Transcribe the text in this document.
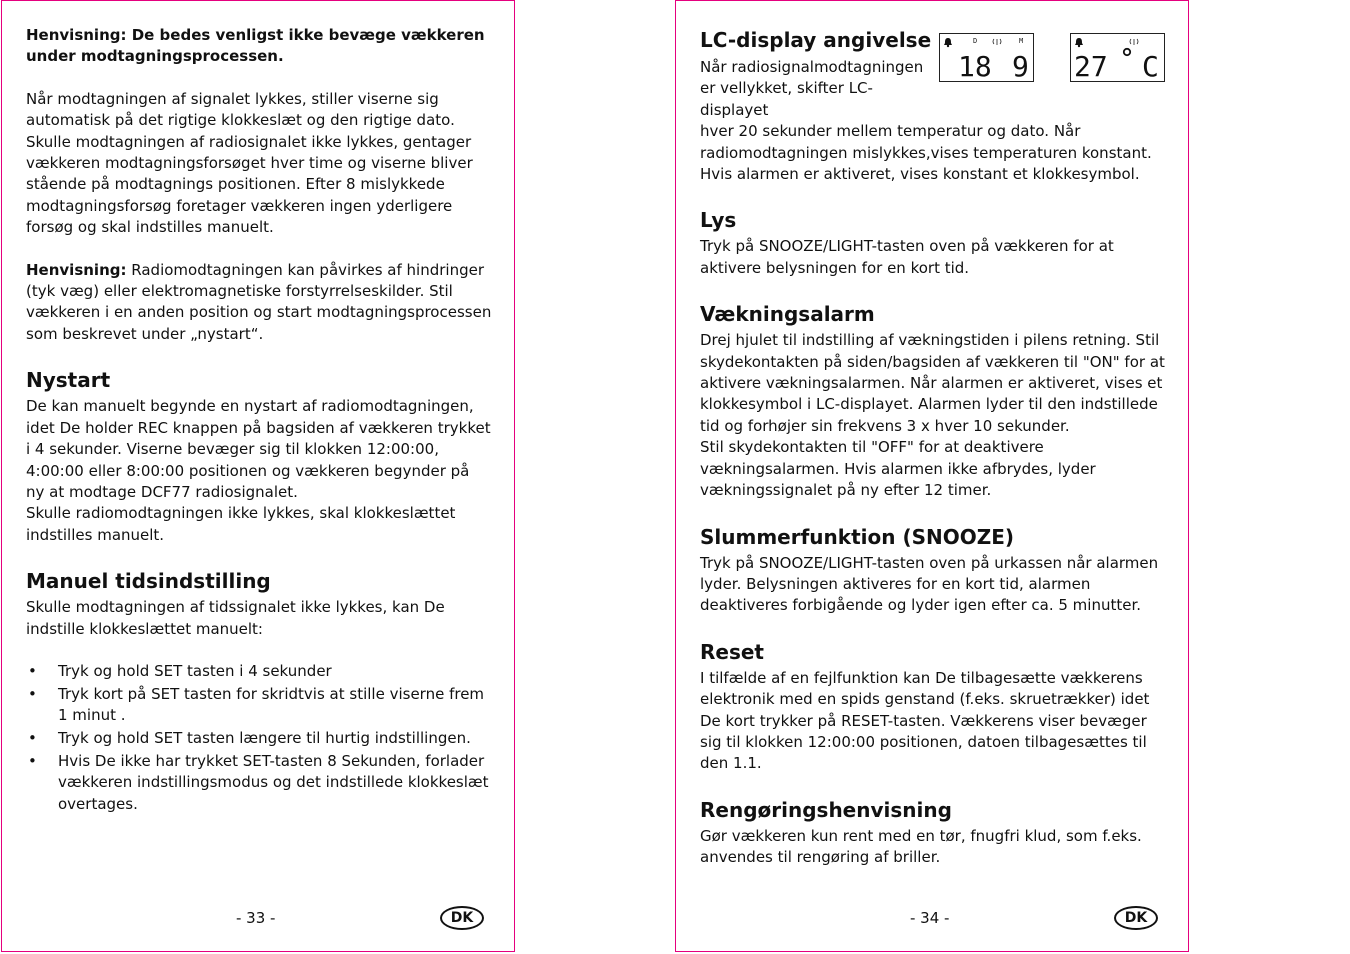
Henvisning: De bedes venligst ikke bevæge vækkeren under modtagningsprocessen.

Når modtagningen af signalet lykkes, stiller viserne sig automatisk på det rigtige klokkeslæt og den rigtige dato. Skulle modtagningen af radiosignalet ikke lykkes, gentager vækkeren modtagningsforsøget hver time og viserne bliver stående på modtagnings positionen. Efter 8 mislykkede modtagningsforsøg foretager vækkeren ingen yderligere forsøg og skal indstilles manuelt.

Henvisning: Radiomodtagningen kan påvirkes af hindringer (tyk væg) eller elektromagnetiske forstyrrelseskilder. Stil vækkeren i en anden position og start modtagningsprocessen som beskrevet under „nystart“.

Nystart

De kan manuelt begynde en nystart af radiomodtagningen, idet De holder REC knappen på bagsiden af vækkeren trykket i 4 sekunder. Viserne bevæger sig til klokken 12:00:00, 4:00:00 eller 8:00:00 positionen og vækkeren begynder på ny at modtage DCF77 radiosignalet.

Skulle radiomodtagningen ikke lykkes, skal klokkeslættet indstilles manuelt.

Manuel tidsindstilling

Skulle modtagningen af tidssignalet ikke lykkes, kan De indstille klokkeslættet manuelt:

• Tryk og hold SET tasten i 4 sekunder
• Tryk kort på SET tasten for skridtvis at stille viserne frem 1 minut .
• Tryk og hold SET tasten længere til hurtig indstillingen.
• Hvis De ikke har trykket SET-tasten 8 Sekunden, forlader vækkeren indstillingsmodus og det indstillede klokkeslæt overtages.
- 33 -	DK
LC-display angivelse

Når radiosignalmodtagningen er vellykket, skifter LC-displayet

hver 20 sekunder mellem temperatur og dato. Når radiomodtagningen mislykkes,vises temperaturen konstant. Hvis alarmen er aktiveret, vises konstant et klokkesymbol.

Lys

Tryk på SNOOZE/LIGHT-tasten oven på vækkeren for at aktivere belysningen for en kort tid.

Vækningsalarm

Drej hjulet til indstilling af vækningstiden i pilens retning. Stil skydekontakten på siden/bagsiden af vækkeren til "ON" for at aktivere vækningsalarmen. Når alarmen er aktiveret, vises et klokkesymbol i LC-displayet. Alarmen lyder til den indstillede tid og forhøjer sin frekvens 3 x hver 10 sekunder.

Stil skydekontakten til "OFF" for at deaktivere vækningsalarmen. Hvis alarmen ikke afbrydes, lyder vækningssignalet på ny efter 12 timer.

Slummerfunktion (SNOOZE)

Tryk på SNOOZE/LIGHT-tasten oven på urkassen når alarmen lyder. Belysningen aktiveres for en kort tid, alarmen deaktiveres forbigående og lyder igen efter ca. 5 minutter.

Reset

I tilfælde af en fejlfunktion kan De tilbagesætte vækkerens elektronik med en spids genstand (f.eks. skruetrækker) idet De kort trykker på RESET-tasten. Vækkerens viser bevæger sig til klokken 12:00:00 positionen, datoen tilbagesættes til den 1.1.

Rengøringshenvisning

Gør vækkeren kun rent med en tør, fnugfri klud, som f.eks. anvendes til rengøring af briller.

D	M
18 9 27 C
- 34 -	DK
